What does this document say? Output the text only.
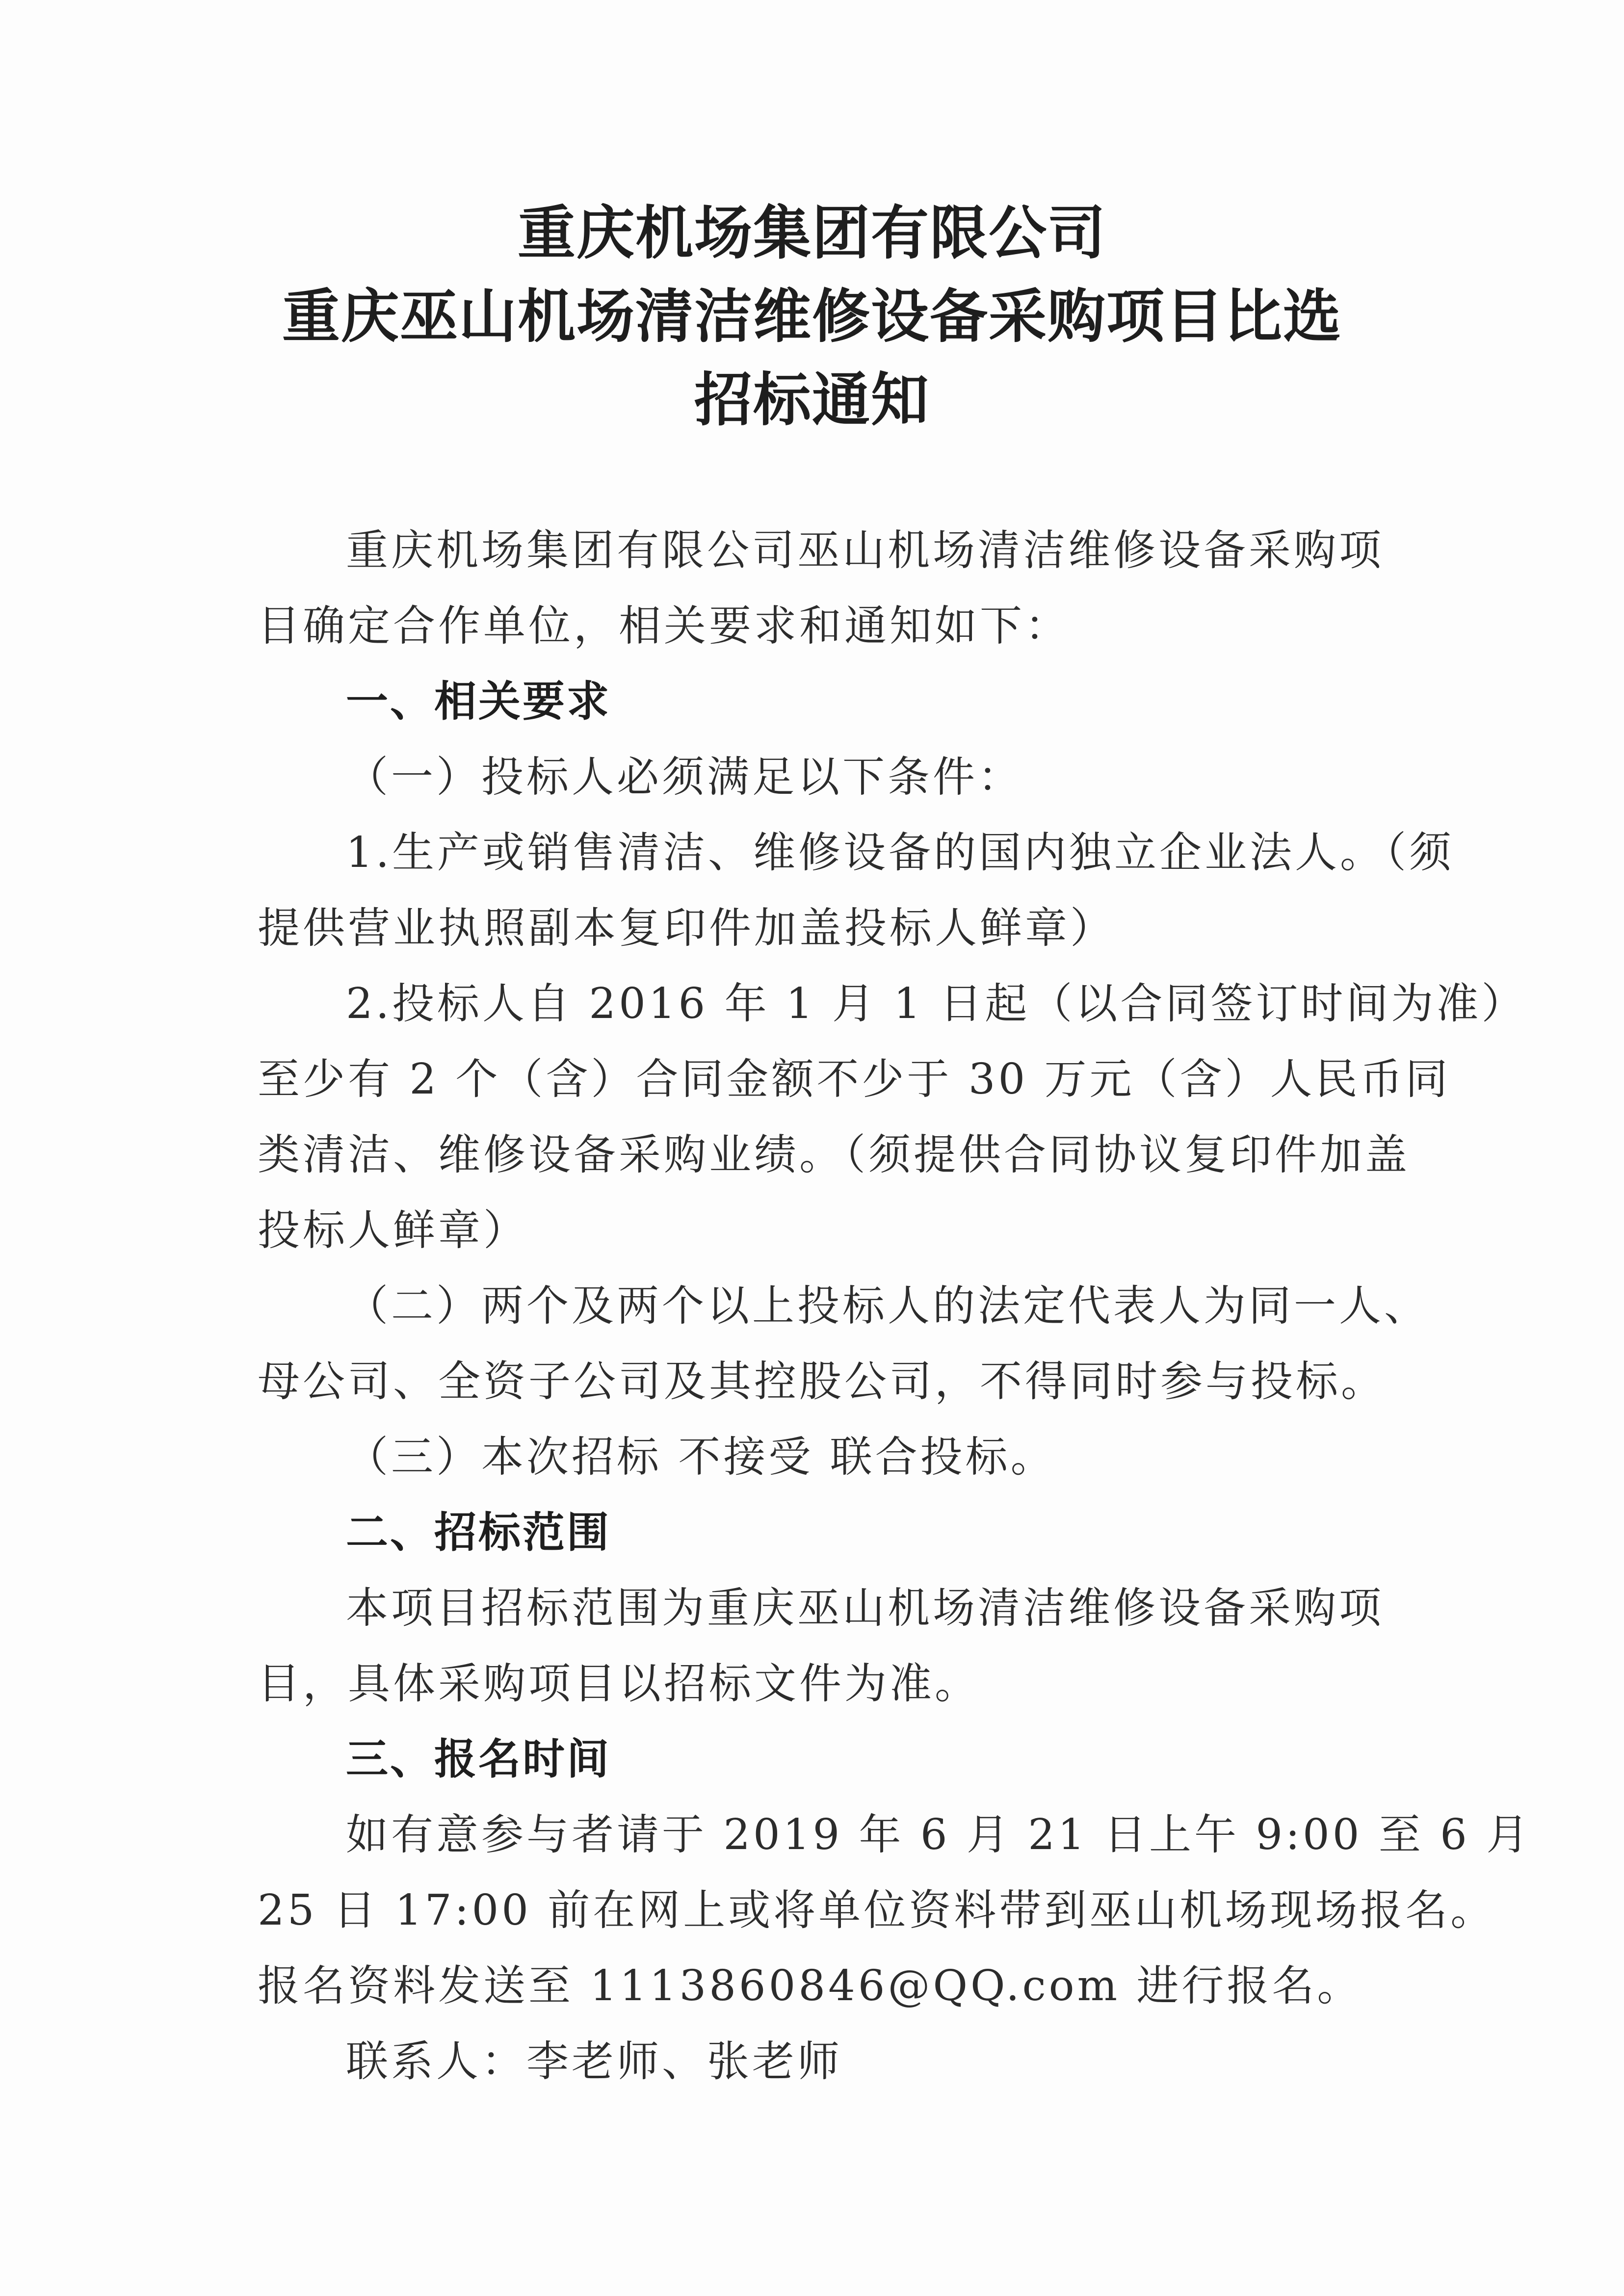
重庆机场集团有限公司
重庆巫山机场清洁维修设备采购项目比选
招标通知
重庆机场集团有限公司巫山机场清洁维修设备采购项
目确定合作单位，相关要求和通知如下：
一、相关要求
（一）投标人必须满足以下条件：
1.生产或销售清洁、维修设备的国内独立企业法人。（须
提供营业执照副本复印件加盖投标人鲜章）
2.投标人自 2016 年 1 月 1 日起（以合同签订时间为准）
至少有 2 个（含）合同金额不少于 30 万元（含）人民币同
类清洁、维修设备采购业绩。（须提供合同协议复印件加盖
投标人鲜章）
（二）两个及两个以上投标人的法定代表人为同一人、
母公司、全资子公司及其控股公司，不得同时参与投标。
（三）本次招标 不接受 联合投标。
二、招标范围
本项目招标范围为重庆巫山机场清洁维修设备采购项
目，具体采购项目以招标文件为准。
三、报名时间
如有意参与者请于 2019 年 6 月 21 日上午 9:00 至 6 月
25 日 17:00 前在网上或将单位资料带到巫山机场现场报名。
报名资料发送至 1113860846@QQ.com 进行报名。
联系人：李老师、张老师
